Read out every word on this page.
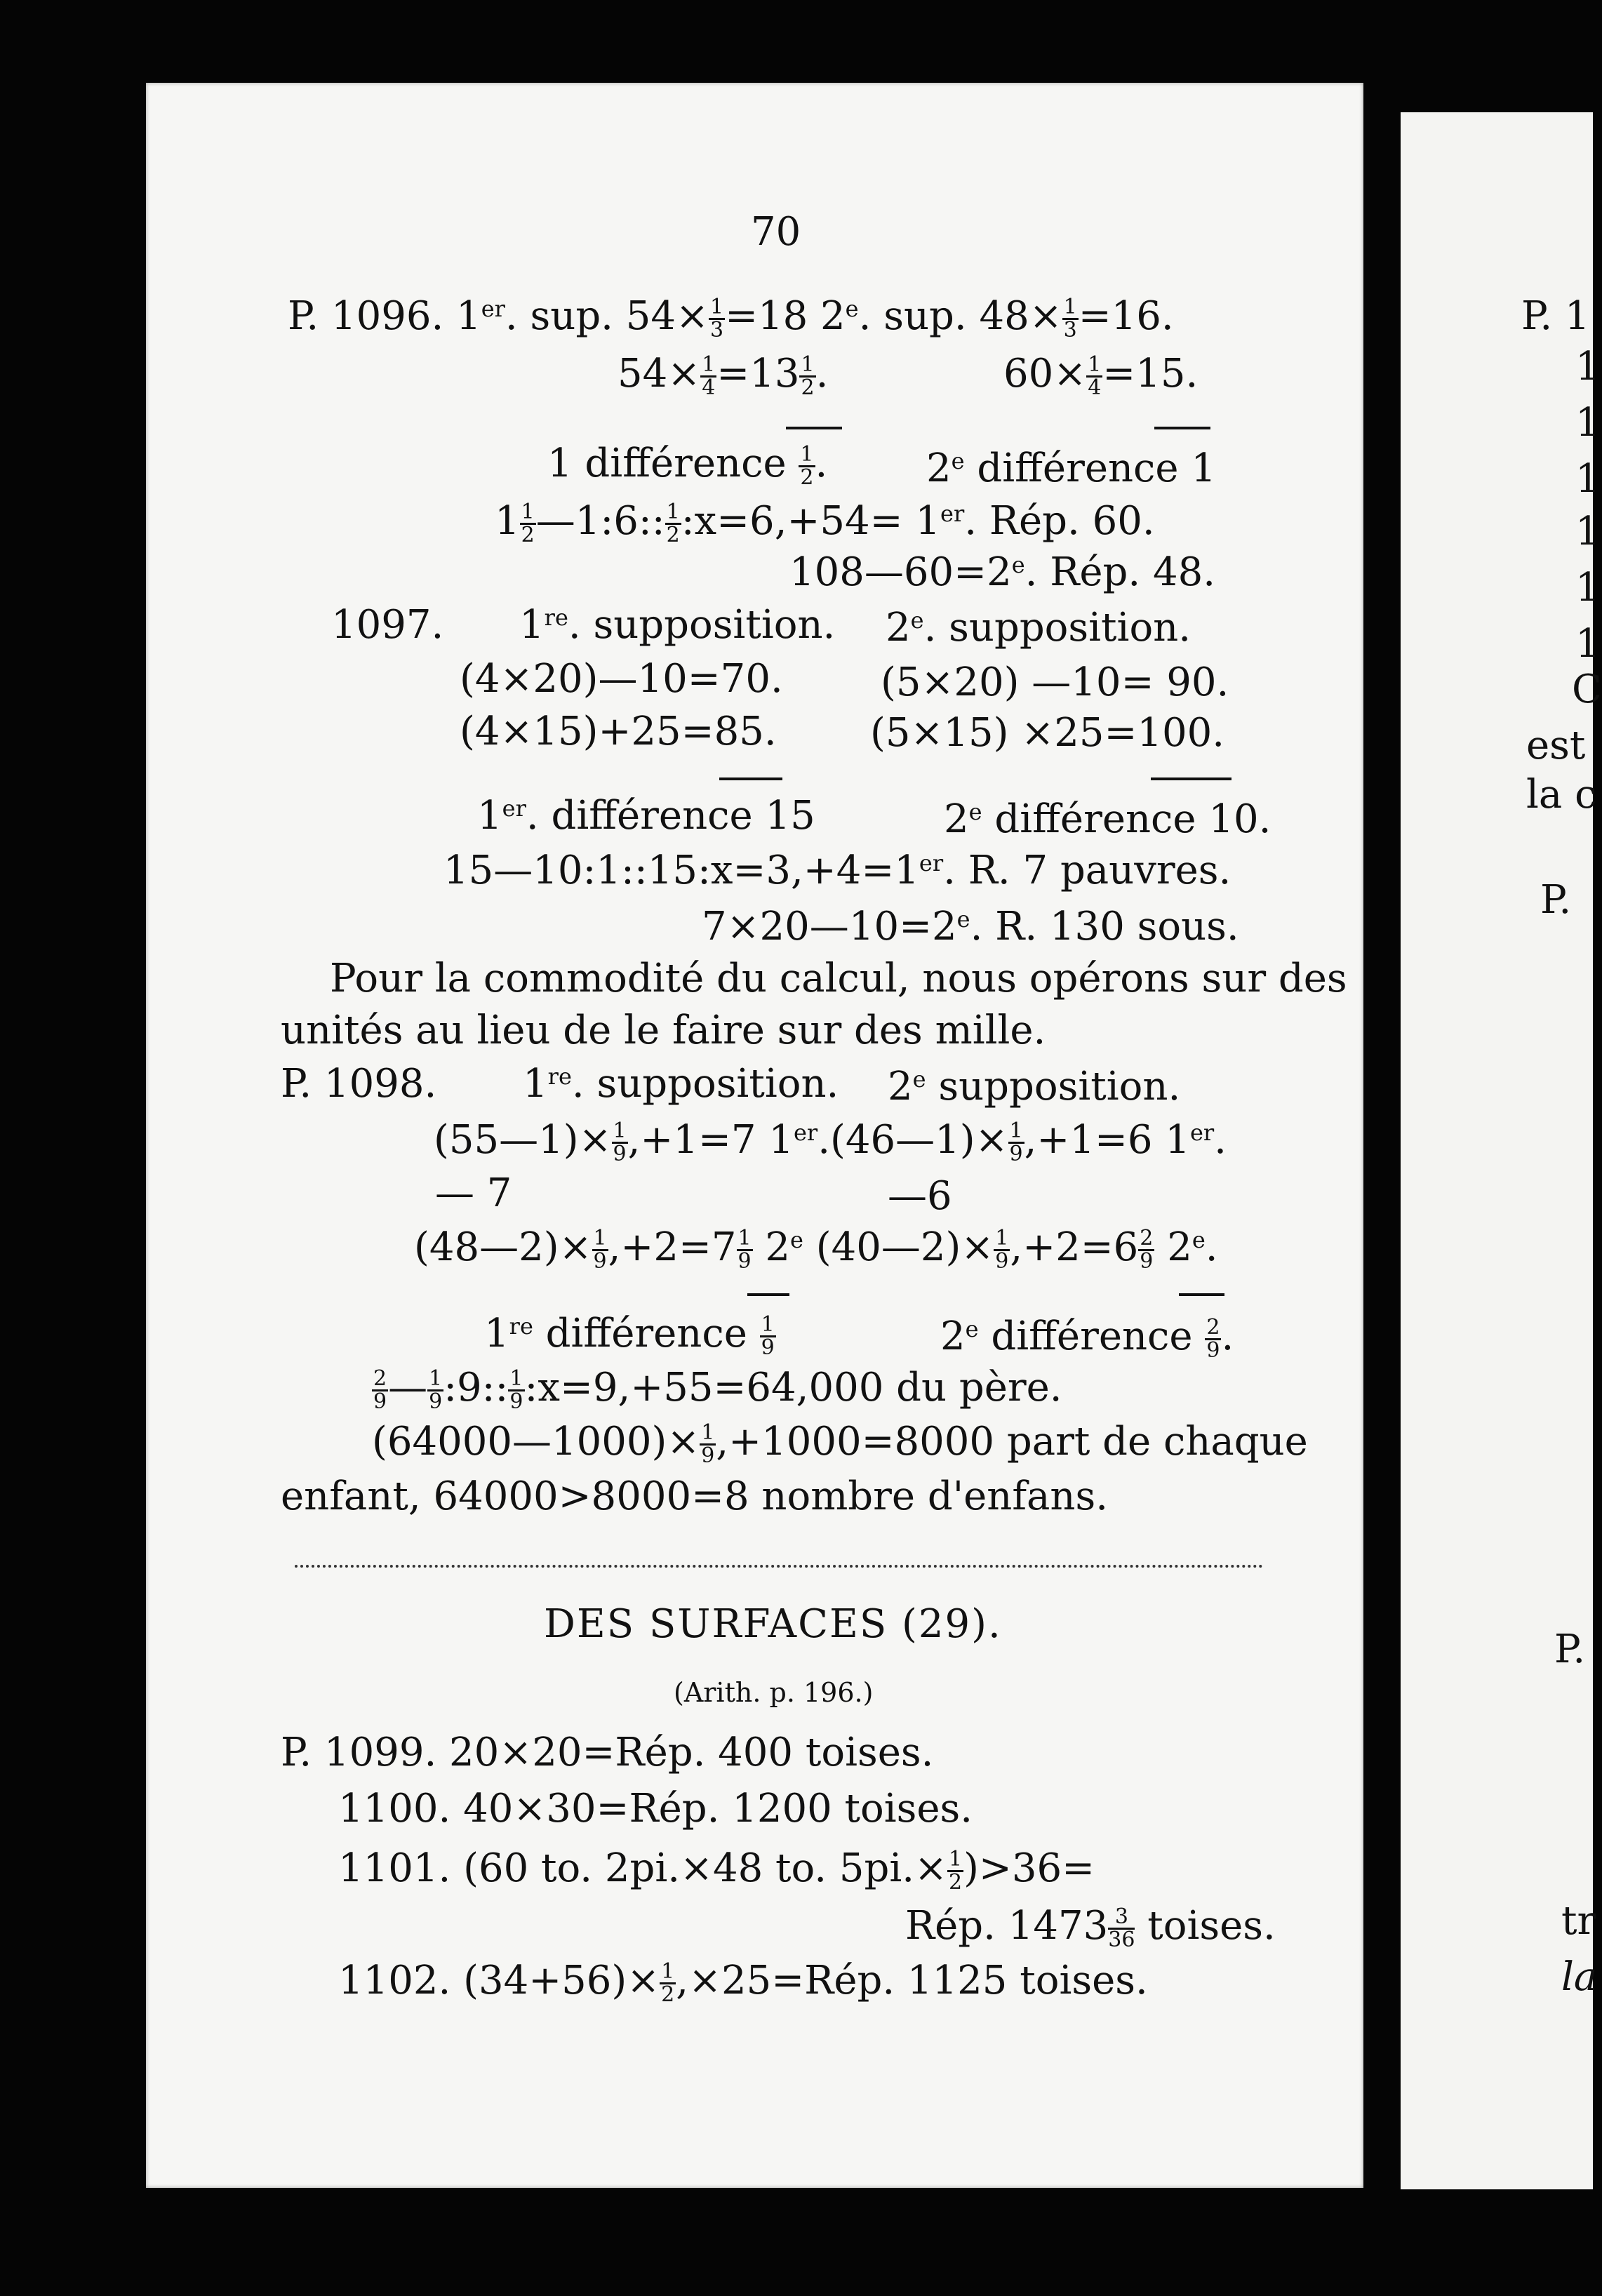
70
P. 1096. 1er. sup. $54\times \frac{1}{3} =18$ 2e. sup. $48\times \frac{1}{3} =16$.
$54\times \frac{1}{4} =13 \frac{1}{2}$ .	$60\times \frac{1}{4} =15$.
1 différence $\frac{1}{2}$ .	2e différence 1
$1 \frac{1}{2}$ —1:6:: $\frac{1}{2}$ :x=6,+54= 1er. Rép. 60.
$108—60=2^e$. Rép. 48.
1097. 1re. supposition. 2e. supposition.
(4×20)—10=70. (5×20) —10= 90.
(4×15)+25=85. (5×15) ×25=100.
1er. différence 15	2e différence 10.
15—10:1::15:x=3,+4=1er. R. 7 pauvres.
$7\times 20—10=2^e$. R. 130 sous.
Pour la commodité du calcul, nous opérons sur des
unités au lieu de le faire sur des mille.
P. 1098. 1re. supposition. 2e supposition.
(55—1)× $\frac{1}{9} ,+1=7$ 1er.(46—1)× $\frac{1}{9} ,+1=6$ 1er.
— 7	—6
(48—2)× $\frac{1}{9} ,+2=7 \frac{1}{9} 2e$ (40—2)× $\frac{1}{9} ,+2=6 \frac{2}{9} 2e$.
1re différence $\frac{1}{9}$	2e différence $\frac{2}{9}$ .
$\frac{2}{9}$ — $\frac{1}{9}$ :9:: $\frac{1}{9}$ :x=9,+55=64,000 du père.
(64000—1000)× $\frac{1}{9} ,+1000=8000$ part de chaque
enfant, 64000>8000=8 nombre d'enfans.
DES SURFACES (29).
(Arith. p. 196.)
P. 1099. 20×20=Rép. 400 toises.
1100. 40×30=Rép. 1200 toises.
1101. (60 to. 2pi.×48 to. $5pi.\times \frac{1}{2} )>36=$
Rép. $1473 \frac{3}{36}$ toises.
1102. $(34+56)\times \frac{1}{2}$ ,×25=Rép. 1125 toises.
P. 1
1
1
1
1
1
1
C
est
la c
P.
P.
tr
la
